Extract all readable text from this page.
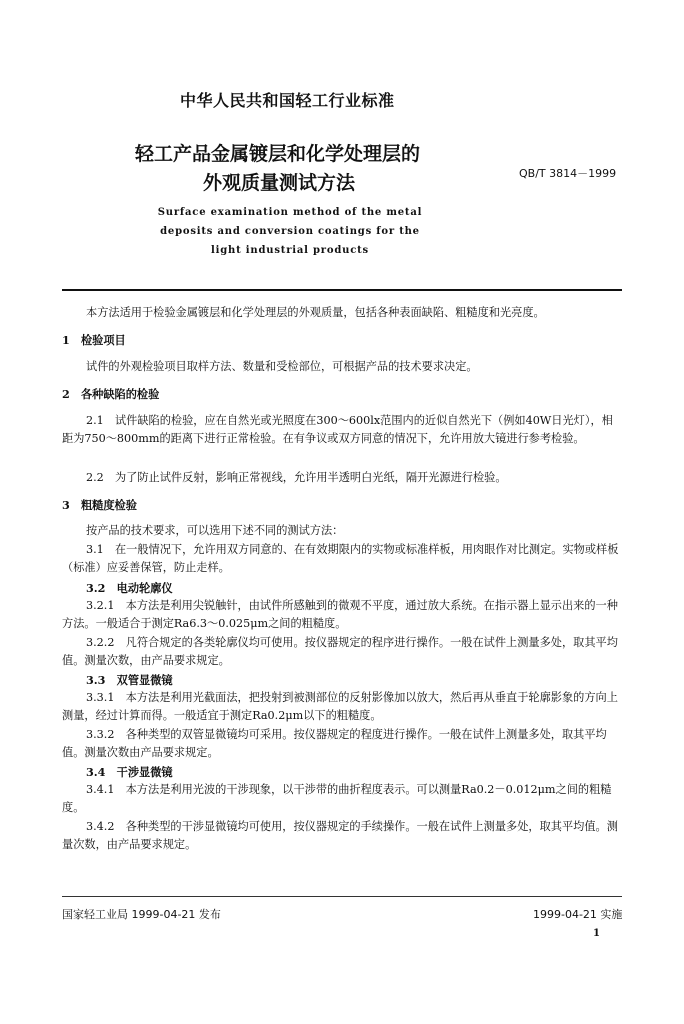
中华人民共和国轻工行业标准
轻工产品金属镀层和化学处理层的
外观质量测试方法	QB/T 3814－1999
Surface examination method of the metal
deposits and conversion coatings for the
light industrial products
本方法适用于检验金属镀层和化学处理层的外观质量，包括各种表面缺陷、粗糙度和光亮度。
1　检验项目
试件的外观检验项目取样方法、数量和受检部位，可根据产品的技术要求决定。
2　各种缺陷的检验
2.1　试件缺陷的检验，应在自然光或光照度在300～600lx范围内的近似自然光下（例如40W日光灯），相距为750～800mm的距离下进行正常检验。在有争议或双方同意的情况下，允许用放大镜进行参考检验。
2.2　为了防止试件反射，影响正常视线，允许用半透明白光纸，隔开光源进行检验。
3　粗糙度检验
按产品的技术要求，可以选用下述不同的测试方法：
3.1　在一般情况下，允许用双方同意的、在有效期限内的实物或标准样板，用肉眼作对比测定。实物或样板（标准）应妥善保管，防止走样。
3.2　电动轮廓仪
3.2.1　本方法是利用尖锐触针，由试件所感触到的微观不平度，通过放大系统。在指示器上显示出来的一种方法。一般适合于测定Ra6.3～0.025μm之间的粗糙度。
3.2.2　凡符合规定的各类轮廓仪均可使用。按仪器规定的程序进行操作。一般在试件上测量多处，取其平均值。测量次数，由产品要求规定。
3.3　双管显微镜
3.3.1　本方法是利用光截面法，把投射到被测部位的反射影像加以放大，然后再从垂直于轮廓影象的方向上测量，经过计算而得。一般适宜于测定Ra0.2μm以下的粗糙度。
3.3.2　各种类型的双管显微镜均可采用。按仪器规定的程度进行操作。一般在试件上测量多处，取其平均值。测量次数由产品要求规定。
3.4　干涉显微镜
3.4.1　本方法是利用光波的干涉现象，以干涉带的曲折程度表示。可以测量Ra0.2－0.012μm之间的粗糙度。
3.4.2　各种类型的干涉显微镜均可使用，按仪器规定的手续操作。一般在试件上测量多处，取其平均值。测量次数，由产品要求规定。
国家轻工业局 1999-04-21 发布	1999-04-21 实施
1
